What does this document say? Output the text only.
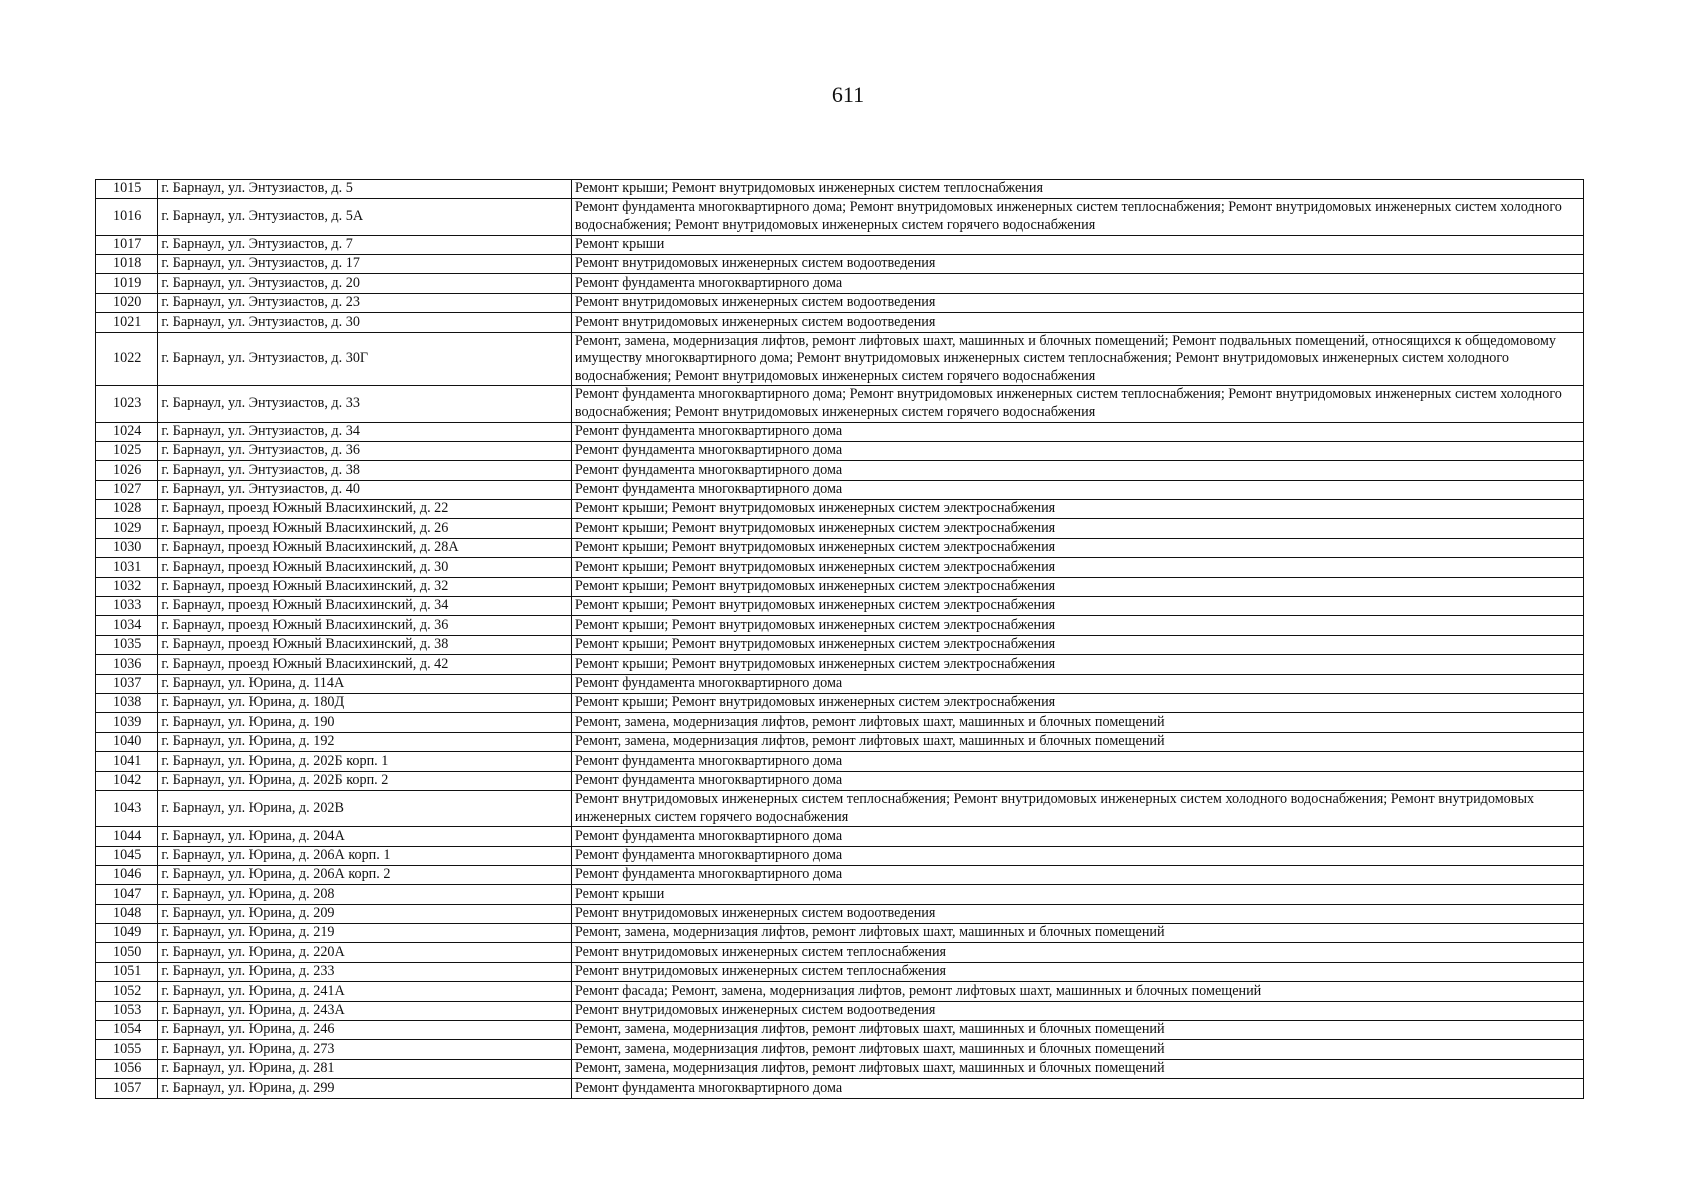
611
1015	г. Барнаул, ул. Энтузиастов, д. 5	Ремонт крыши; Ремонт внутридомовых инженерных систем теплоснабжения
1016	г. Барнаул, ул. Энтузиастов, д. 5А	Ремонт фундамента многоквартирного дома; Ремонт внутридомовых инженерных систем теплоснабжения; Ремонт внутридомовых инженерных систем холодного водоснабжения; Ремонт внутридомовых инженерных систем горячего водоснабжения
1017	г. Барнаул, ул. Энтузиастов, д. 7	Ремонт крыши
1018	г. Барнаул, ул. Энтузиастов, д. 17	Ремонт внутридомовых инженерных систем водоотведения
1019	г. Барнаул, ул. Энтузиастов, д. 20	Ремонт фундамента многоквартирного дома
1020	г. Барнаул, ул. Энтузиастов, д. 23	Ремонт внутридомовых инженерных систем водоотведения
1021	г. Барнаул, ул. Энтузиастов, д. 30	Ремонт внутридомовых инженерных систем водоотведения
1022	г. Барнаул, ул. Энтузиастов, д. 30Г	Ремонт, замена, модернизация лифтов, ремонт лифтовых шахт, машинных и блочных помещений; Ремонт подвальных помещений, относящихся к общедомовому имуществу многоквартирного дома; Ремонт внутридомовых инженерных систем теплоснабжения; Ремонт внутридомовых инженерных систем холодного водоснабжения; Ремонт внутридомовых инженерных систем горячего водоснабжения
1023	г. Барнаул, ул. Энтузиастов, д. 33	Ремонт фундамента многоквартирного дома; Ремонт внутридомовых инженерных систем теплоснабжения; Ремонт внутридомовых инженерных систем холодного водоснабжения; Ремонт внутридомовых инженерных систем горячего водоснабжения
1024	г. Барнаул, ул. Энтузиастов, д. 34	Ремонт фундамента многоквартирного дома
1025	г. Барнаул, ул. Энтузиастов, д. 36	Ремонт фундамента многоквартирного дома
1026	г. Барнаул, ул. Энтузиастов, д. 38	Ремонт фундамента многоквартирного дома
1027	г. Барнаул, ул. Энтузиастов, д. 40	Ремонт фундамента многоквартирного дома
1028	г. Барнаул, проезд Южный Власихинский, д. 22	Ремонт крыши; Ремонт внутридомовых инженерных систем электроснабжения
1029	г. Барнаул, проезд Южный Власихинский, д. 26	Ремонт крыши; Ремонт внутридомовых инженерных систем электроснабжения
1030	г. Барнаул, проезд Южный Власихинский, д. 28А	Ремонт крыши; Ремонт внутридомовых инженерных систем электроснабжения
1031	г. Барнаул, проезд Южный Власихинский, д. 30	Ремонт крыши; Ремонт внутридомовых инженерных систем электроснабжения
1032	г. Барнаул, проезд Южный Власихинский, д. 32	Ремонт крыши; Ремонт внутридомовых инженерных систем электроснабжения
1033	г. Барнаул, проезд Южный Власихинский, д. 34	Ремонт крыши; Ремонт внутридомовых инженерных систем электроснабжения
1034	г. Барнаул, проезд Южный Власихинский, д. 36	Ремонт крыши; Ремонт внутридомовых инженерных систем электроснабжения
1035	г. Барнаул, проезд Южный Власихинский, д. 38	Ремонт крыши; Ремонт внутридомовых инженерных систем электроснабжения
1036	г. Барнаул, проезд Южный Власихинский, д. 42	Ремонт крыши; Ремонт внутридомовых инженерных систем электроснабжения
1037	г. Барнаул, ул. Юрина, д. 114А	Ремонт фундамента многоквартирного дома
1038	г. Барнаул, ул. Юрина, д. 180Д	Ремонт крыши; Ремонт внутридомовых инженерных систем электроснабжения
1039	г. Барнаул, ул. Юрина, д. 190	Ремонт, замена, модернизация лифтов, ремонт лифтовых шахт, машинных и блочных помещений
1040	г. Барнаул, ул. Юрина, д. 192	Ремонт, замена, модернизация лифтов, ремонт лифтовых шахт, машинных и блочных помещений
1041	г. Барнаул, ул. Юрина, д. 202Б корп. 1	Ремонт фундамента многоквартирного дома
1042	г. Барнаул, ул. Юрина, д. 202Б корп. 2	Ремонт фундамента многоквартирного дома
1043	г. Барнаул, ул. Юрина, д. 202В	Ремонт внутридомовых инженерных систем теплоснабжения; Ремонт внутридомовых инженерных систем холодного водоснабжения; Ремонт внутридомовых инженерных систем горячего водоснабжения
1044	г. Барнаул, ул. Юрина, д. 204А	Ремонт фундамента многоквартирного дома
1045	г. Барнаул, ул. Юрина, д. 206А корп. 1	Ремонт фундамента многоквартирного дома
1046	г. Барнаул, ул. Юрина, д. 206А корп. 2	Ремонт фундамента многоквартирного дома
1047	г. Барнаул, ул. Юрина, д. 208	Ремонт крыши
1048	г. Барнаул, ул. Юрина, д. 209	Ремонт внутридомовых инженерных систем водоотведения
1049	г. Барнаул, ул. Юрина, д. 219	Ремонт, замена, модернизация лифтов, ремонт лифтовых шахт, машинных и блочных помещений
1050	г. Барнаул, ул. Юрина, д. 220А	Ремонт внутридомовых инженерных систем теплоснабжения
1051	г. Барнаул, ул. Юрина, д. 233	Ремонт внутридомовых инженерных систем теплоснабжения
1052	г. Барнаул, ул. Юрина, д. 241А	Ремонт фасада; Ремонт, замена, модернизация лифтов, ремонт лифтовых шахт, машинных и блочных помещений
1053	г. Барнаул, ул. Юрина, д. 243А	Ремонт внутридомовых инженерных систем водоотведения
1054	г. Барнаул, ул. Юрина, д. 246	Ремонт, замена, модернизация лифтов, ремонт лифтовых шахт, машинных и блочных помещений
1055	г. Барнаул, ул. Юрина, д. 273	Ремонт, замена, модернизация лифтов, ремонт лифтовых шахт, машинных и блочных помещений
1056	г. Барнаул, ул. Юрина, д. 281	Ремонт, замена, модернизация лифтов, ремонт лифтовых шахт, машинных и блочных помещений
1057	г. Барнаул, ул. Юрина, д. 299	Ремонт фундамента многоквартирного дома
